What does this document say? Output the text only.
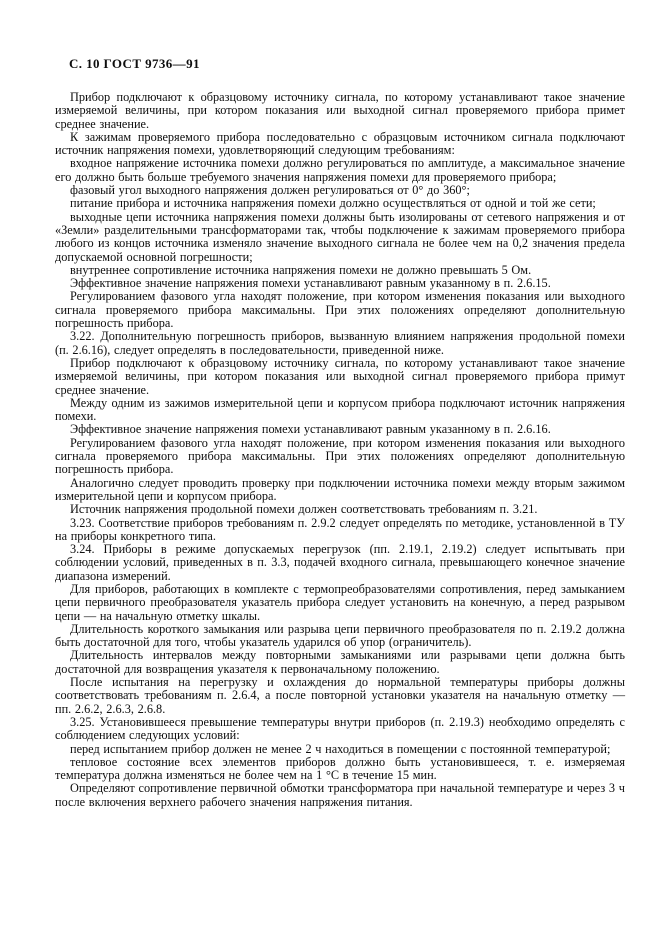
С. 10 ГОСТ 9736—91

Прибор подключают к образцовому источнику сигнала, по которому устанавливают такое значение измеряемой величины, при котором показания или выходной сигнал проверяемого прибора примет среднее значение.

К зажимам проверяемого прибора последовательно с образцовым источником сигнала подключают источник напряжения помехи, удовлетворяющий следующим требованиям:

входное напряжение источника помехи должно регулироваться по амплитуде, а максимальное значение его должно быть больше требуемого значения напряжения помехи для проверяемого прибора;

фазовый угол выходного напряжения должен регулироваться от 0° до 360°;

питание прибора и источника напряжения помехи должно осуществляться от одной и той же сети;

выходные цепи источника напряжения помехи должны быть изолированы от сетевого напряжения и от «Земли» разделительными трансформаторами так, чтобы подключение к зажимам проверяемого прибора любого из концов источника изменяло значение выходного сигнала не более чем на 0,2 значения предела допускаемой основной погрешности;

внутреннее сопротивление источника напряжения помехи не должно превышать 5 Ом.

Эффективное значение напряжения помехи устанавливают равным указанному в п. 2.6.15.

Регулированием фазового угла находят положение, при котором изменения показания или выходного сигнала проверяемого прибора максимальны. При этих положениях определяют дополнительную погрешность прибора.

3.22. Дополнительную погрешность приборов, вызванную влиянием напряжения продольной помехи (п. 2.6.16), следует определять в последовательности, приведенной ниже.

Прибор подключают к образцовому источнику сигнала, по которому устанавливают такое значение измеряемой величины, при котором показания или выходной сигнал проверяемого прибора примут среднее значение.

Между одним из зажимов измерительной цепи и корпусом прибора подключают источник напряжения помехи.

Эффективное значение напряжения помехи устанавливают равным указанному в п. 2.6.16.

Регулированием фазового угла находят положение, при котором изменения показания или выходного сигнала проверяемого прибора максимальны. При этих положениях определяют дополнительную погрешность прибора.

Аналогично следует проводить проверку при подключении источника помехи между вторым зажимом измерительной цепи и корпусом прибора.

Источник напряжения продольной помехи должен соответствовать требованиям п. 3.21.

3.23. Соответствие приборов требованиям п. 2.9.2 следует определять по методике, установленной в ТУ на приборы конкретного типа.

3.24. Приборы в режиме допускаемых перегрузок (пп. 2.19.1, 2.19.2) следует испытывать при соблюдении условий, приведенных в п. 3.3, подачей входного сигнала, превышающего конечное значение диапазона измерений.

Для приборов, работающих в комплекте с термопреобразователями сопротивления, перед замыканием цепи первичного преобразователя указатель прибора следует установить на конечную, а перед разрывом цепи — на начальную отметку шкалы.

Длительность короткого замыкания или разрыва цепи первичного преобразователя по п. 2.19.2 должна быть достаточной для того, чтобы указатель ударился об упор (ограничитель).

Длительность интервалов между повторными замыканиями или разрывами цепи должна быть достаточной для возвращения указателя к первоначальному положению.

После испытания на перегрузку и охлаждения до нормальной температуры приборы должны соответствовать требованиям п. 2.6.4, а после повторной установки указателя на начальную отметку — пп. 2.6.2, 2.6.3, 2.6.8.

3.25. Установившееся превышение температуры внутри приборов (п. 2.19.3) необходимо определять с соблюдением следующих условий:

перед испытанием прибор должен не менее 2 ч находиться в помещении с постоянной температурой;

тепловое состояние всех элементов приборов должно быть установившееся, т. е. измеряемая температура должна изменяться не более чем на 1 °С в течение 15 мин.

Определяют сопротивление первичной обмотки трансформатора при начальной температуре и через 3 ч после включения верхнего рабочего значения напряжения питания.
